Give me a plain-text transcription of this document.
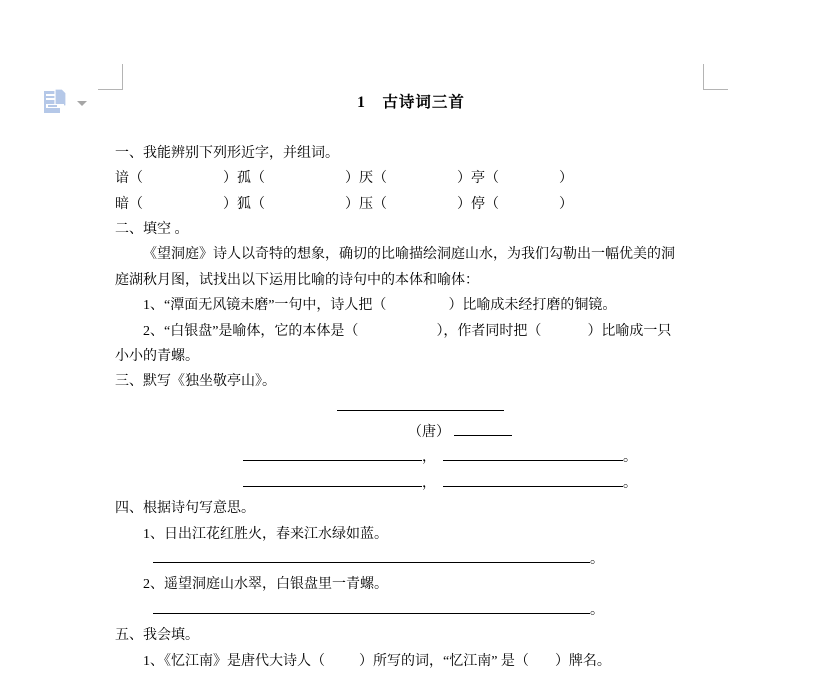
1　古诗词三首

一、我能辨别下列形近字，并组词。
谙（	）孤（	）厌（	）亭（	）
暗（	）狐（	）压（	）停（	）
二、填空 。
《望洞庭》诗人以奇特的想象，确切的比喻描绘洞庭山水，为我们勾勒出一幅优美的洞
庭湖秋月图，试找出以下运用比喻的诗句中的本体和喻体：
1、“潭面无风镜未磨”一句中，诗人把（	）比喻成未经打磨的铜镜。
2、“白银盘”是喻体，它的本体是（	），作者同时把（	）比喻成一只
小小的青螺。
三、默写《独坐敬亭山》。
（唐）
，	。
，	。
四、根据诗句写意思。
1、日出江花红胜火，春来江水绿如蓝。
。
2、遥望洞庭山水翠，白银盘里一青螺。
。
五、我会填。
1、《忆江南》是唐代大诗人（ ）所写的词，“忆江南” 是（ ）牌名。
